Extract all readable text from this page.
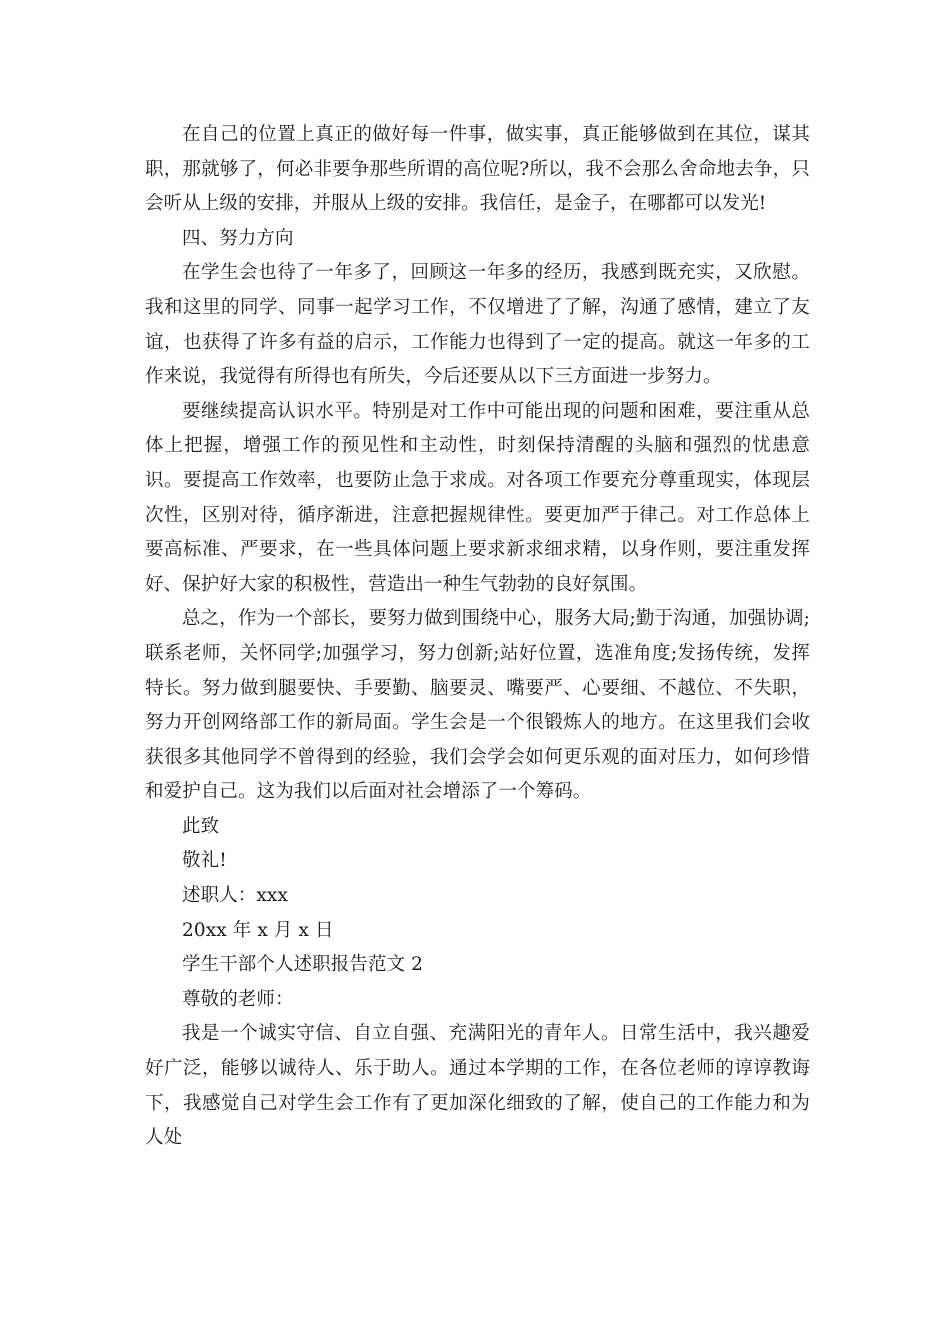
在自己的位置上真正的做好每一件事，做实事，真正能够做到在其位，谋其职，那就够了，何必非要争那些所谓的高位呢?所以，我不会那么舍命地去争，只会听从上级的安排，并服从上级的安排。我信任，是金子，在哪都可以发光!

四、努力方向

在学生会也待了一年多了，回顾这一年多的经历，我感到既充实，又欣慰。我和这里的同学、同事一起学习工作，不仅增进了了解，沟通了感情，建立了友谊，也获得了许多有益的启示，工作能力也得到了一定的提高。就这一年多的工作来说，我觉得有所得也有所失，今后还要从以下三方面进一步努力。

要继续提高认识水平。特别是对工作中可能出现的问题和困难，要注重从总体上把握，增强工作的预见性和主动性，时刻保持清醒的头脑和强烈的忧患意识。要提高工作效率，也要防止急于求成。对各项工作要充分尊重现实，体现层次性，区别对待，循序渐进，注意把握规律性。要更加严于律己。对工作总体上要高标准、严要求，在一些具体问题上要求新求细求精，以身作则，要注重发挥好、保护好大家的积极性，营造出一种生气勃勃的良好氛围。

总之，作为一个部长，要努力做到围绕中心，服务大局;勤于沟通，加强协调;联系老师，关怀同学;加强学习，努力创新;站好位置，选准角度;发扬传统，发挥特长。努力做到腿要快、手要勤、脑要灵、嘴要严、心要细、不越位、不失职，努力开创网络部工作的新局面。学生会是一个很锻炼人的地方。在这里我们会收获很多其他同学不曾得到的经验，我们会学会如何更乐观的面对压力，如何珍惜和爱护自己。这为我们以后面对社会增添了一个筹码。

此致

敬礼!

述职人：xxx

20xx 年 x 月 x 日

学生干部个人述职报告范文 2

尊敬的老师：

我是一个诚实守信、自立自强、充满阳光的青年人。日常生活中，我兴趣爱好广泛，能够以诚待人、乐于助人。通过本学期的工作，在各位老师的谆谆教诲下，我感觉自己对学生会工作有了更加深化细致的了解，使自己的工作能力和为人处
